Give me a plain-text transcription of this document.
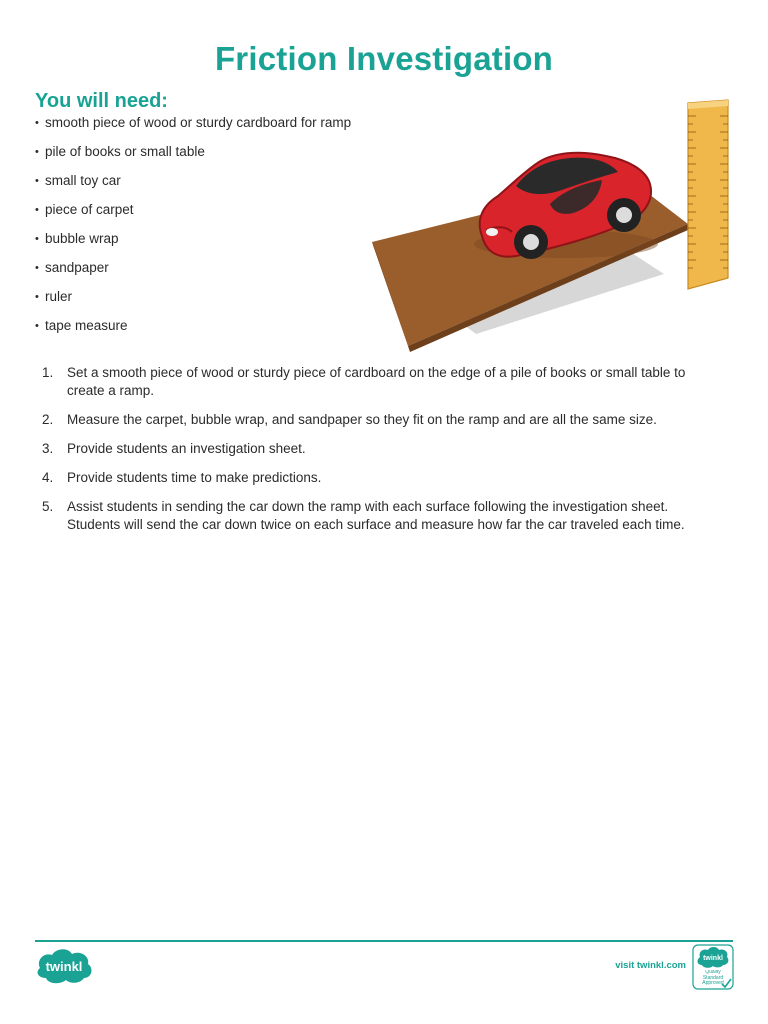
Friction Investigation
You will need:
• smooth piece of wood or sturdy cardboard for ramp
• pile of books or small table
• small toy car
• piece of carpet
• bubble wrap
• sandpaper
• ruler
• tape measure
1. Set a smooth piece of wood or sturdy piece of cardboard on the edge of a pile of books or small table to create a ramp.
2. Measure the carpet, bubble wrap, and sandpaper so they fit on the ramp and are all the same size.
3. Provide students an investigation sheet.
4. Provide students time to make predictions.
5. Assist students in sending the car down the ramp with each surface following the investigation sheet. Students will send the car down twice on each surface and measure how far the car traveled each time.
twinkl	visit twinkl.com
twinkl
Quality Standard Approved
